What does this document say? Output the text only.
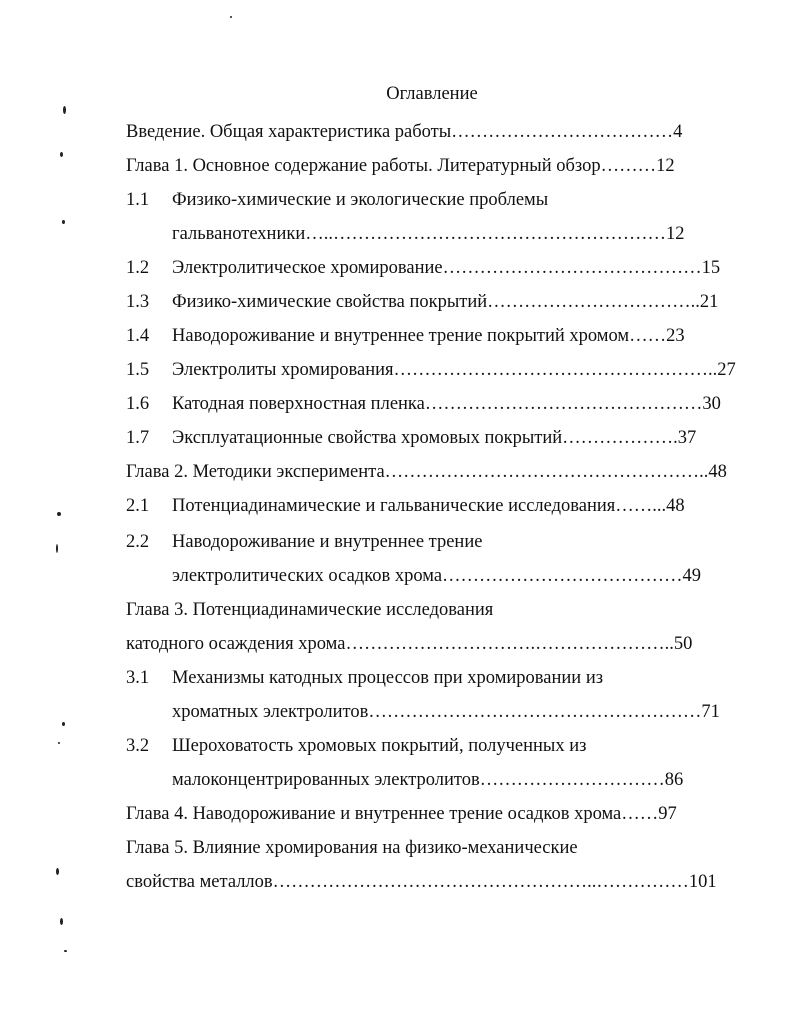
Оглавление
Введение. Общая характеристика работы………………………………4
Глава 1. Основное содержание работы. Литературный обзор………12
1.1 Физико-химические и экологические проблемы
гальванотехники…..………………………………………………12
1.2 Электролитическое хромирование……………………………………15
1.3 Физико-химические свойства покрытий……………………………..21
1.4 Наводороживание и внутреннее трение покрытий хромом……23
1.5 Электролиты хромирования……………………………………………..27
1.6 Катодная поверхностная пленка………………………………………30
1.7 Эксплуатационные свойства хромовых покрытий……………….37
Глава 2. Методики эксперимента……………………………………………..48
2.1 Потенциадинамические и гальванические исследования……...48
2.2 Наводороживание и внутреннее трение
электролитических осадков хрома…………………………………49
Глава 3. Потенциадинамические исследования
катодного осаждения хрома………………………….…………………..50
3.1 Механизмы катодных процессов при хромировании из
хроматных электролитов………………………………………………71
3.2 Шероховатость хромовых покрытий, полученных из
малоконцентрированных электролитов…………………………86
Глава 4. Наводороживание и внутреннее трение осадков хрома……97
Глава 5. Влияние хромирования на физико-механические
свойства металлов……………………………………………..……………101
